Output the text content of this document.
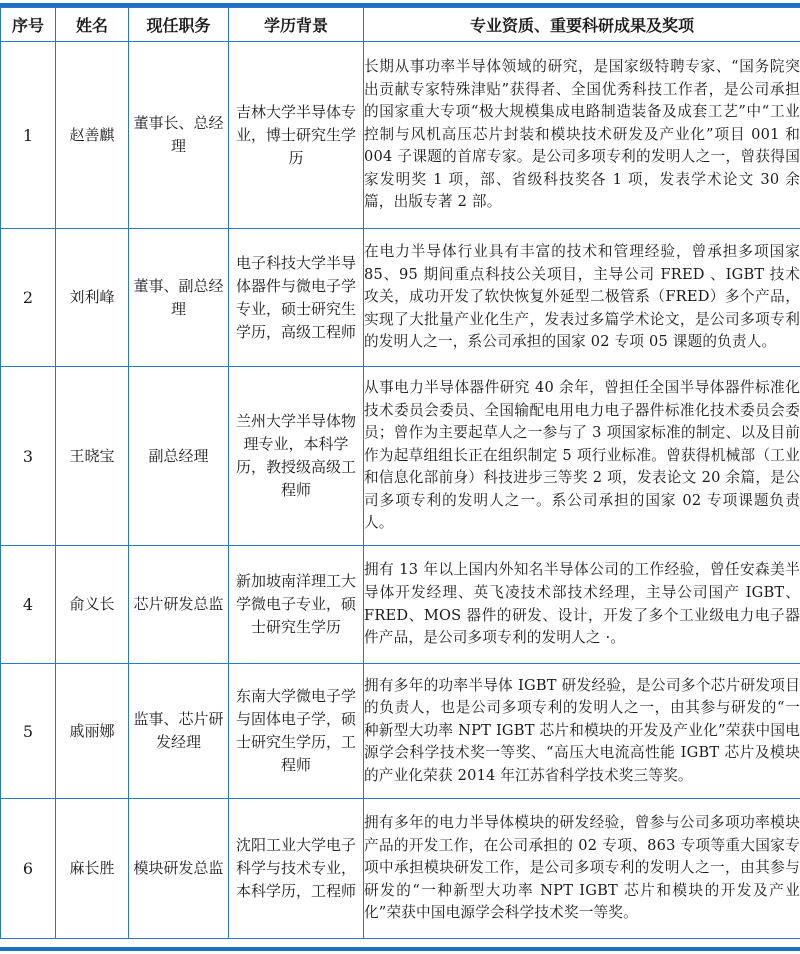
序号	姓名	现任职务	学历背景	专业资质、重要科研成果及奖项
1	赵善麒	董事长、总经理	吉林大学半导体专业，博士研究生学历	长期从事功率半导体领域的研究，是国家级特聘专家、“国务院突出贡献专家特殊津贴”获得者、全国优秀科技工作者，是公司承担的国家重大专项“极大规模集成电路制造装备及成套工艺”中“工业控制与风机高压芯片封装和模块技术研发及产业化”项目 001 和 004 子课题的首席专家。是公司多项专利的发明人之一，曾获得国家发明奖 1 项，部、省级科技奖各 1 项，发表学术论文 30 余篇，出版专著 2 部。
2	刘利峰	董事、副总经理	电子科技大学半导体器件与微电子学专业，硕士研究生学历，高级工程师	在电力半导体行业具有丰富的技术和管理经验，曾承担多项国家 85、95 期间重点科技公关项目，主导公司 FRED 、IGBT 技术攻关，成功开发了软快恢复外延型二极管系（FRED）多个产品，实现了大批量产业化生产，发表过多篇学术论文，是公司多项专利的发明人之一，系公司承担的国家 02 专项 05 课题的负责人。
3	王晓宝	副总经理	兰州大学半导体物理专业，本科学历，教授级高级工程师	从事电力半导体器件研究 40 余年，曾担任全国半导体器件标准化技术委员会委员、全国输配电用电力电子器件标准化技术委员会委员；曾作为主要起草人之一参与了 3 项国家标准的制定、以及目前作为起草组组长正在组织制定 5 项行业标准。曾获得机械部（工业和信息化部前身）科技进步三等奖 2 项，发表论文 20 余篇，是公司多项专利的发明人之一。系公司承担的国家 02 专项课题负责人。
4	俞义长	芯片研发总监	新加坡南洋理工大学微电子专业，硕士研究生学历	拥有 13 年以上国内外知名半导体公司的工作经验，曾任安森美半导体开发经理、英飞凌技术部技术经理，主导公司国产 IGBT、FRED、MOS 器件的研发、设计，开发了多个工业级电力电子器件产品，是公司多项专利的发明人之 ·。
5	戚丽娜	监事、芯片研发经理	东南大学微电子学与固体电子学，硕士研究生学历，工程师	拥有多年的功率半导体 IGBT 研发经验，是公司多个芯片研发项目的负责人，也是公司多项专利的发明人之一，由其参与研发的“一种新型大功率 NPT IGBT 芯片和模块的开发及产业化”荣获中国电源学会科学技术奖一等奖、“高压大电流高性能 IGBT 芯片及模块的产业化荣获 2014 年江苏省科学技术奖三等奖。
6	麻长胜	模块研发总监	沈阳工业大学电子科学与技术专业，本科学历，工程师	拥有多年的电力半导体模块的研发经验，曾参与公司多项功率模块产品的开发工作，在公司承担的 02 专项、863 专项等重大国家专项中承担模块研发工作，是公司多项专利的发明人之一，由其参与研发的“一种新型大功率 NPT IGBT 芯片和模块的开发及产业化”荣获中国电源学会科学技术奖一等奖。
